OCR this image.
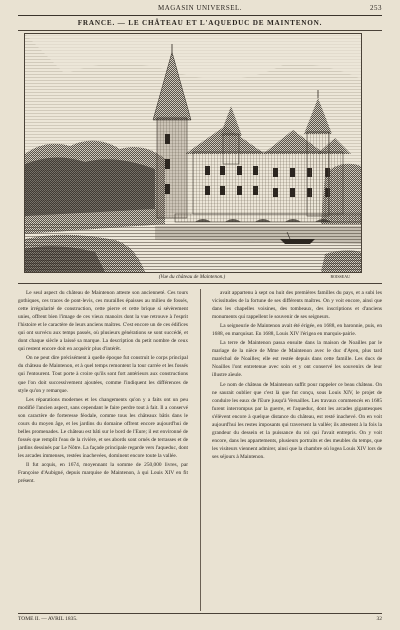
MAGASIN UNIVERSEL.	253
FRANCE. — LE CHÂTEAU ET L'AQUEDUC DE MAINTENON.
(Vue du château de Maintenon.)	BOISSEAU

Le seul aspect du château de Maintenon atteste son ancienneté. Ces tours gothiques, ces traces de pont-levis, ces murailles épaisses au milieu de fossés, cette irrégularité de construction, cette pierre et cette brique si sévèrement unies, offrent bien l'image de ces vieux manoirs dont la vue retrouve à l'esprit l'histoire et le caractère de leurs anciens maîtres. C'est encore un de ces édifices qui ont survécu aux temps passés, où plusieurs générations se sont succédé, et dont chaque siècle a laissé sa marque. La description du petit nombre de ceux qui restent encore doit en acquérir plus d'intérêt.

On ne peut dire précisément à quelle époque fut construit le corps principal du château de Maintenon, et à quel temps remontent la tour carrée et les fossés qui l'entourent. Tout porte à croire qu'ils sont fort antérieurs aux constructions que l'on doit successivement ajoutées, comme l'indiquent les différences de style qu'on y remarque.

Les réparations modernes et les changements qu'on y a faits ont un peu modifié l'ancien aspect, sans cependant le faire perdre tout à fait. Il a conservé son caractère de forteresse féodale, comme tous les châteaux bâtis dans le cours du moyen âge, et les jardins du domaine offrent encore aujourd'hui de belles promenades. Le château est bâti sur le bord de l'Eure; il est environné de fossés que remplit l'eau de la rivière, et ses abords sont ornés de terrasses et de jardins dessinés par Le Nôtre. La façade principale regarde vers l'aqueduc, dont les arcades immenses, restées inachevées, dominent encore toute la vallée.

Il fut acquis, en 1674, moyennant la somme de 250,000 livres, par Françoise d'Aubigné, depuis marquise de Maintenon, à qui Louis XIV en fit présent.

avait appartenu à sept ou huit des premières familles du pays, et a subi les vicissitudes de la fortune de ses différents maîtres. On y voit encore, ainsi que dans les chapelles voisines, des tombeaux, des inscriptions et d'anciens monuments qui rappellent le souvenir de ses seigneurs.

La seigneurie de Maintenon avait été érigée, en 1688, en baronnie, puis, en 1688, en marquisat. En 1688, Louis XIV l'érigea en marquis-pairie.

La terre de Maintenon passa ensuite dans la maison de Noailles par le mariage de la nièce de Mme de Maintenon avec le duc d'Ayen, plus tard maréchal de Noailles; elle est restée depuis dans cette famille. Les ducs de Noailles l'ont entretenue avec soin et y ont conservé les souvenirs de leur illustre aïeule.

Le nom de château de Maintenon suffit pour rappeler ce beau château. On ne saurait oublier que c'est là que fut conçu, sous Louis XIV, le projet de conduire les eaux de l'Eure jusqu'à Versailles. Les travaux commencés en 1685 furent interrompus par la guerre, et l'aqueduc, dont les arcades gigantesques s'élèvent encore à quelque distance du château, est resté inachevé. On en voit aujourd'hui les restes imposants qui traversent la vallée; ils attestent à la fois la grandeur du dessein et la puissance du roi qui l'avait entrepris. On y voit encore, dans les appartements, plusieurs portraits et des meubles du temps, que les visiteurs viennent admirer, ainsi que la chambre où logea Louis XIV lors de ses séjours à Maintenon.

TOME II. — AVRIL 1835.	32
